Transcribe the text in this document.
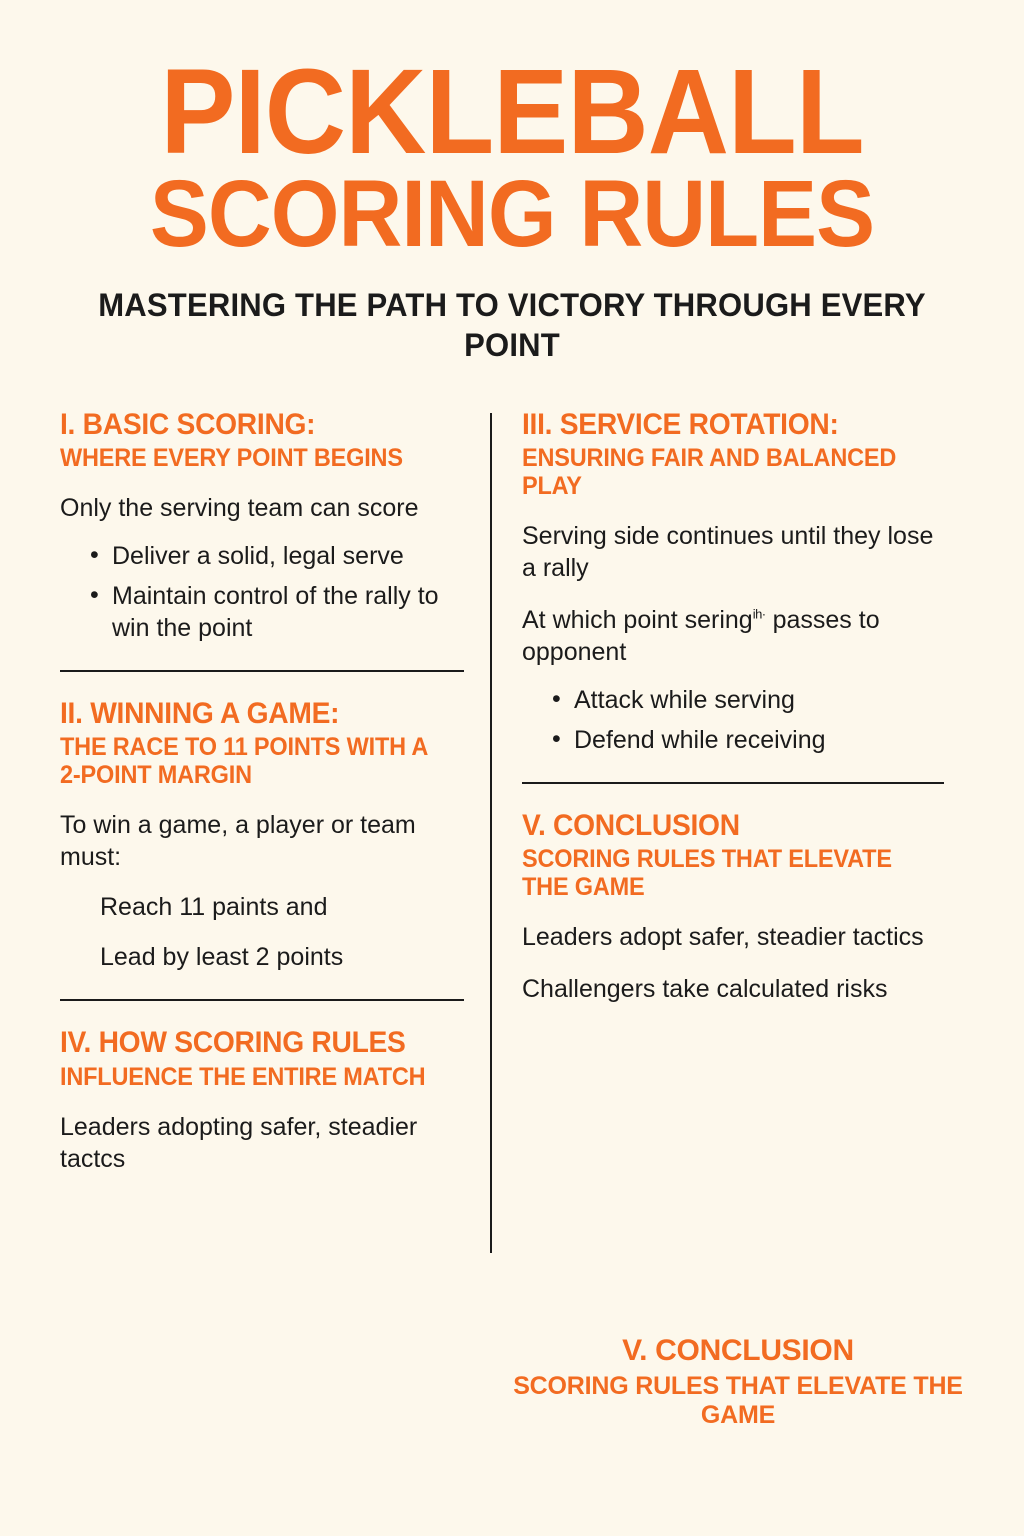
PICKLEBALL
SCORING RULES
MASTERING THE PATH TO VICTORY THROUGH EVERY POINT
I. BASIC SCORING:
WHERE EVERY POINT BEGINS
Only the serving team can score
• Deliver a solid, legal serve
• Maintain control of the rally to win the point
II. WINNING A GAME:
THE RACE TO 11 POINTS WITH A 2-POINT MARGIN
To win a game, a player or team must:
Reach 11 paints and
Lead by least 2 points
IV. HOW SCORING RULES
INFLUENCE THE ENTIRE MATCH
Leaders adopting safer, steadier tactcs
III. SERVICE ROTATION:
ENSURING FAIR AND BALANCED PLAY
Serving side continues until they lose a rally
At which point sering$^{ih\cdot}$ passes to opponent
• Attack while serving
• Defend while receiving
V. CONCLUSION
SCORING RULES THAT ELEVATE THE GAME
Leaders adopt safer, steadier tactics
Challengers take calculated risks
V. CONCLUSION
SCORING RULES THAT ELEVATE THE GAME
